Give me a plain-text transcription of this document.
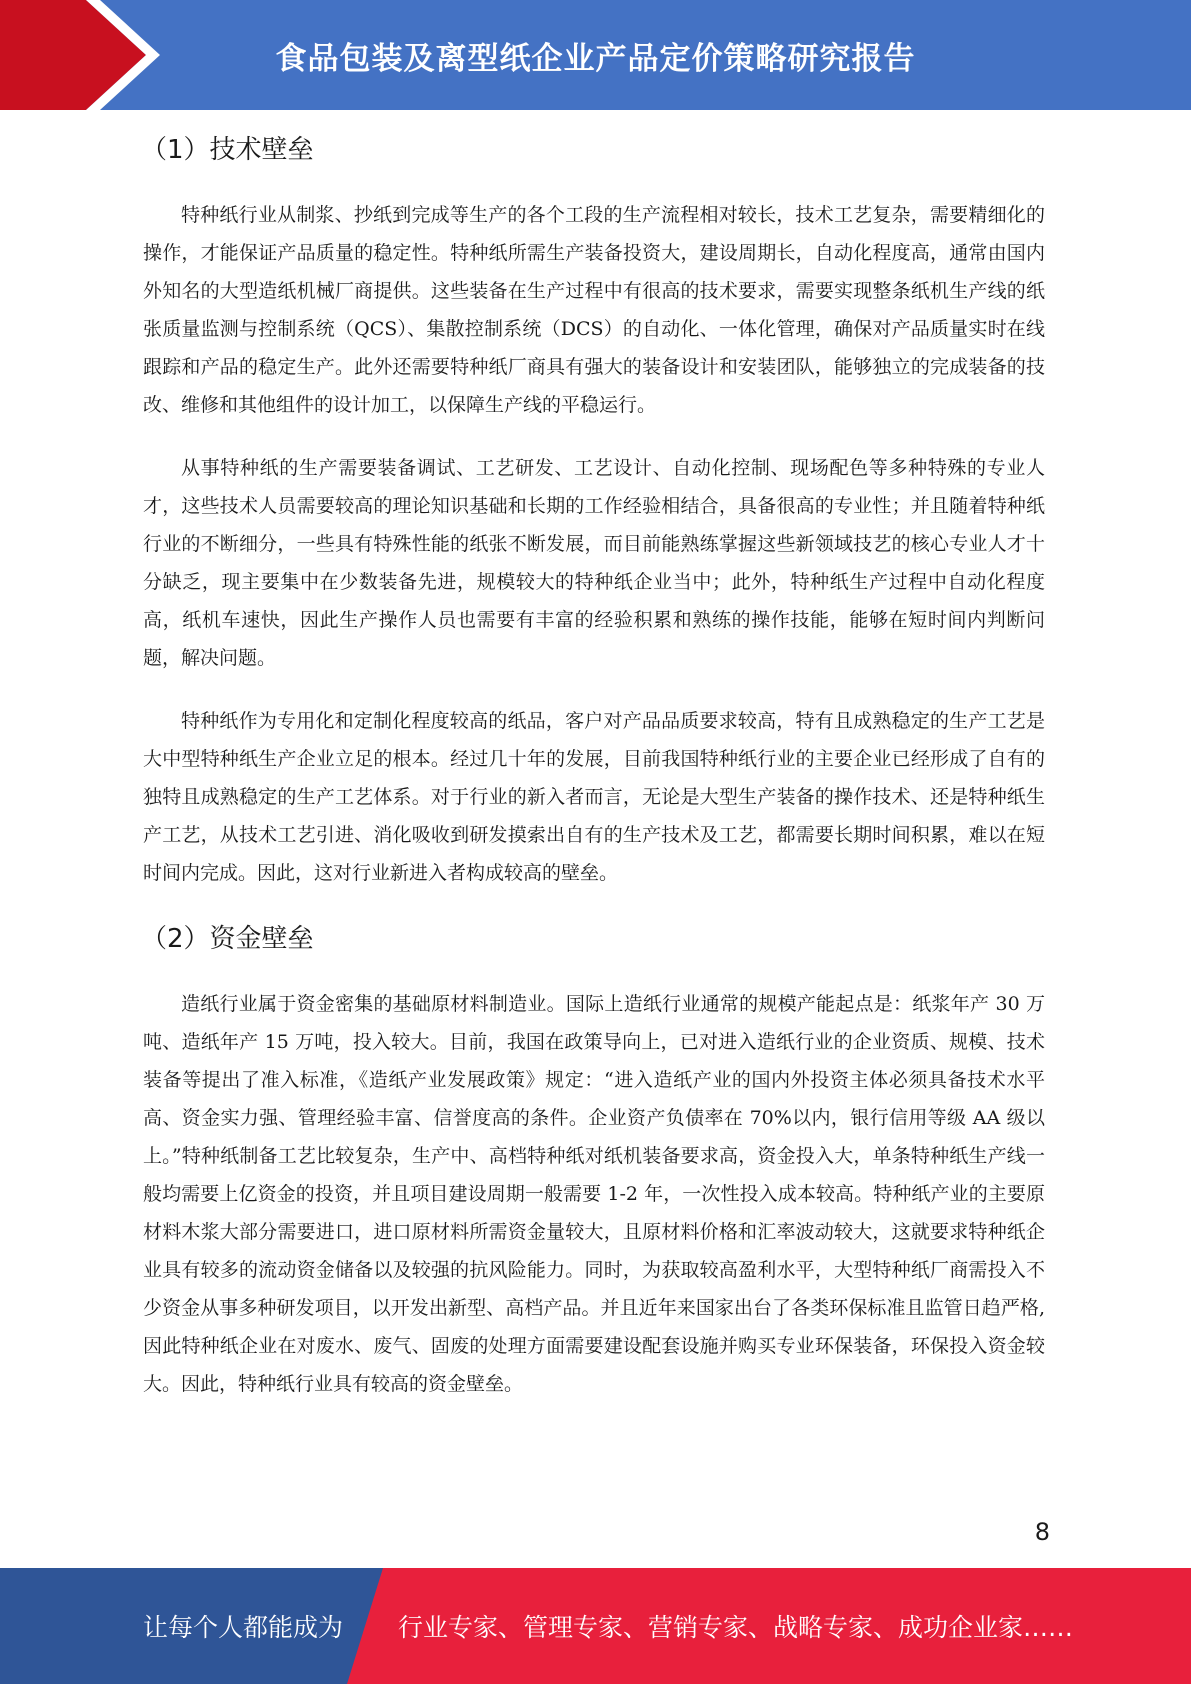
食品包装及离型纸企业产品定价策略研究报告
（1）技术壁垒

特种纸行业从制浆、抄纸到完成等生产的各个工段的生产流程相对较长，技术工艺复杂，需要精细化的操作，才能保证产品质量的稳定性。特种纸所需生产装备投资大，建设周期长，自动化程度高，通常由国内外知名的大型造纸机械厂商提供。这些装备在生产过程中有很高的技术要求，需要实现整条纸机生产线的纸张质量监测与控制系统（QCS）、集散控制系统（DCS）的自动化、一体化管理，确保对产品质量实时在线跟踪和产品的稳定生产。此外还需要特种纸厂商具有强大的装备设计和安装团队，能够独立的完成装备的技改、维修和其他组件的设计加工，以保障生产线的平稳运行。

从事特种纸的生产需要装备调试、工艺研发、工艺设计、自动化控制、现场配色等多种特殊的专业人才，这些技术人员需要较高的理论知识基础和长期的工作经验相结合，具备很高的专业性；并且随着特种纸行业的不断细分，一些具有特殊性能的纸张不断发展，而目前能熟练掌握这些新领域技艺的核心专业人才十分缺乏，现主要集中在少数装备先进，规模较大的特种纸企业当中；此外，特种纸生产过程中自动化程度高，纸机车速快，因此生产操作人员也需要有丰富的经验积累和熟练的操作技能，能够在短时间内判断问题，解决问题。

特种纸作为专用化和定制化程度较高的纸品，客户对产品品质要求较高，特有且成熟稳定的生产工艺是大中型特种纸生产企业立足的根本。经过几十年的发展，目前我国特种纸行业的主要企业已经形成了自有的独特且成熟稳定的生产工艺体系。对于行业的新入者而言，无论是大型生产装备的操作技术、还是特种纸生产工艺，从技术工艺引进、消化吸收到研发摸索出自有的生产技术及工艺，都需要长期时间积累，难以在短时间内完成。因此，这对行业新进入者构成较高的壁垒。

（2）资金壁垒

造纸行业属于资金密集的基础原材料制造业。国际上造纸行业通常的规模产能起点是：纸浆年产 30 万吨、造纸年产 15 万吨，投入较大。目前，我国在政策导向上，已对进入造纸行业的企业资质、规模、技术装备等提出了准入标准，《造纸产业发展政策》规定：“进入造纸产业的国内外投资主体必须具备技术水平高、资金实力强、管理经验丰富、信誉度高的条件。企业资产负债率在 70%以内，银行信用等级 AA 级以上。”特种纸制备工艺比较复杂，生产中、高档特种纸对纸机装备要求高，资金投入大，单条特种纸生产线一般均需要上亿资金的投资，并且项目建设周期一般需要 1-2 年，一次性投入成本较高。特种纸产业的主要原材料木浆大部分需要进口，进口原材料所需资金量较大，且原材料价格和汇率波动较大，这就要求特种纸企业具有较多的流动资金储备以及较强的抗风险能力。同时，为获取较高盈利水平，大型特种纸厂商需投入不少资金从事多种研发项目，以开发出新型、高档产品。并且近年来国家出台了各类环保标准且监管日趋严格,因此特种纸企业在对废水、废气、固废的处理方面需要建设配套设施并购买专业环保装备，环保投入资金较大。因此，特种纸行业具有较高的资金壁垒。

8
让每个人都能成为 行业专家、管理专家、营销专家、战略专家、成功企业家……
